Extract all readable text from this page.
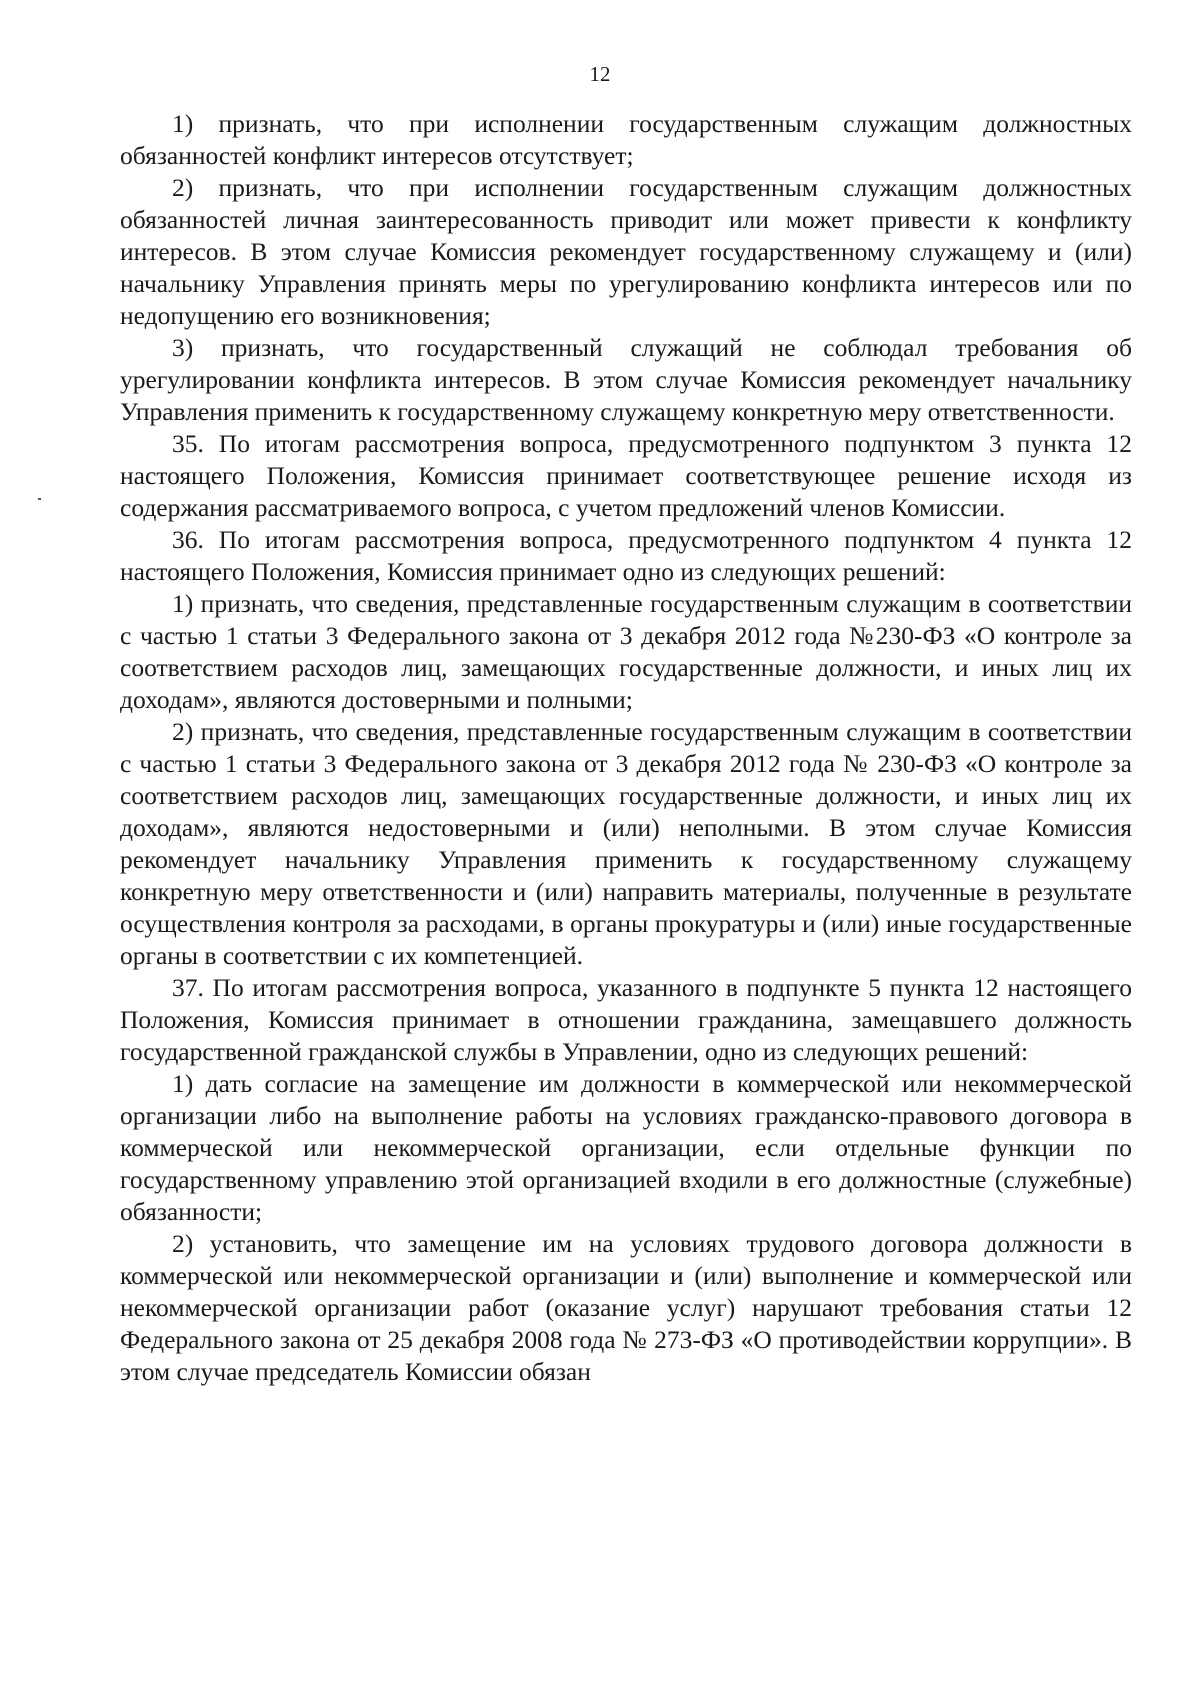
12

1) признать, что при исполнении государственным служащим должностных обязанностей конфликт интересов отсутствует;

2) признать, что при исполнении государственным служащим должностных обязанностей личная заинтересованность приводит или может привести к конфликту интересов. В этом случае Комиссия рекомендует государственному служащему и (или) начальнику Управления принять меры по урегулированию конфликта интересов или по недопущению его возникновения;

3) признать, что государственный служащий не соблюдал требования об урегулировании конфликта интересов. В этом случае Комиссия рекомендует начальнику Управления применить к государственному служащему конкретную меру ответственности.

35. По итогам рассмотрения вопроса, предусмотренного подпунктом 3 пункта 12 настоящего Положения, Комиссия принимает соответствующее решение исходя из содержания рассматриваемого вопроса, с учетом предложений членов Комиссии.

36. По итогам рассмотрения вопроса, предусмотренного подпунктом 4 пункта 12 настоящего Положения, Комиссия принимает одно из следующих решений:

1) признать, что сведения, представленные государственным служащим в соответствии с частью 1 статьи 3 Федерального закона от 3 декабря 2012 года №230-ФЗ «О контроле за соответствием расходов лиц, замещающих государственные должности, и иных лиц их доходам», являются достоверными и полными;

2) признать, что сведения, представленные государственным служащим в соответствии с частью 1 статьи 3 Федерального закона от 3 декабря 2012 года № 230-ФЗ «О контроле за соответствием расходов лиц, замещающих государственные должности, и иных лиц их доходам», являются недостоверными и (или) неполными. В этом случае Комиссия рекомендует начальнику Управления применить к государственному служащему конкретную меру ответственности и (или) направить материалы, полученные в результате осуществления контроля за расходами, в органы прокуратуры и (или) иные государственные органы в соответствии с их компетенцией.

37. По итогам рассмотрения вопроса, указанного в подпункте 5 пункта 12 настоящего Положения, Комиссия принимает в отношении гражданина, замещавшего должность государственной гражданской службы в Управлении, одно из следующих решений:

1) дать согласие на замещение им должности в коммерческой или некоммерческой организации либо на выполнение работы на условиях гражданско-правового договора в коммерческой или некоммерческой организации, если отдельные функции по государственному управлению этой организацией входили в его должностные (служебные) обязанности;

2) установить, что замещение им на условиях трудового договора должности в коммерческой или некоммерческой организации и (или) выполнение и коммерческой или некоммерческой организации работ (оказание услуг) нарушают требования статьи 12 Федерального закона от 25 декабря 2008 года № 273-ФЗ «О противодействии коррупции». В этом случае председатель Комиссии обязан
